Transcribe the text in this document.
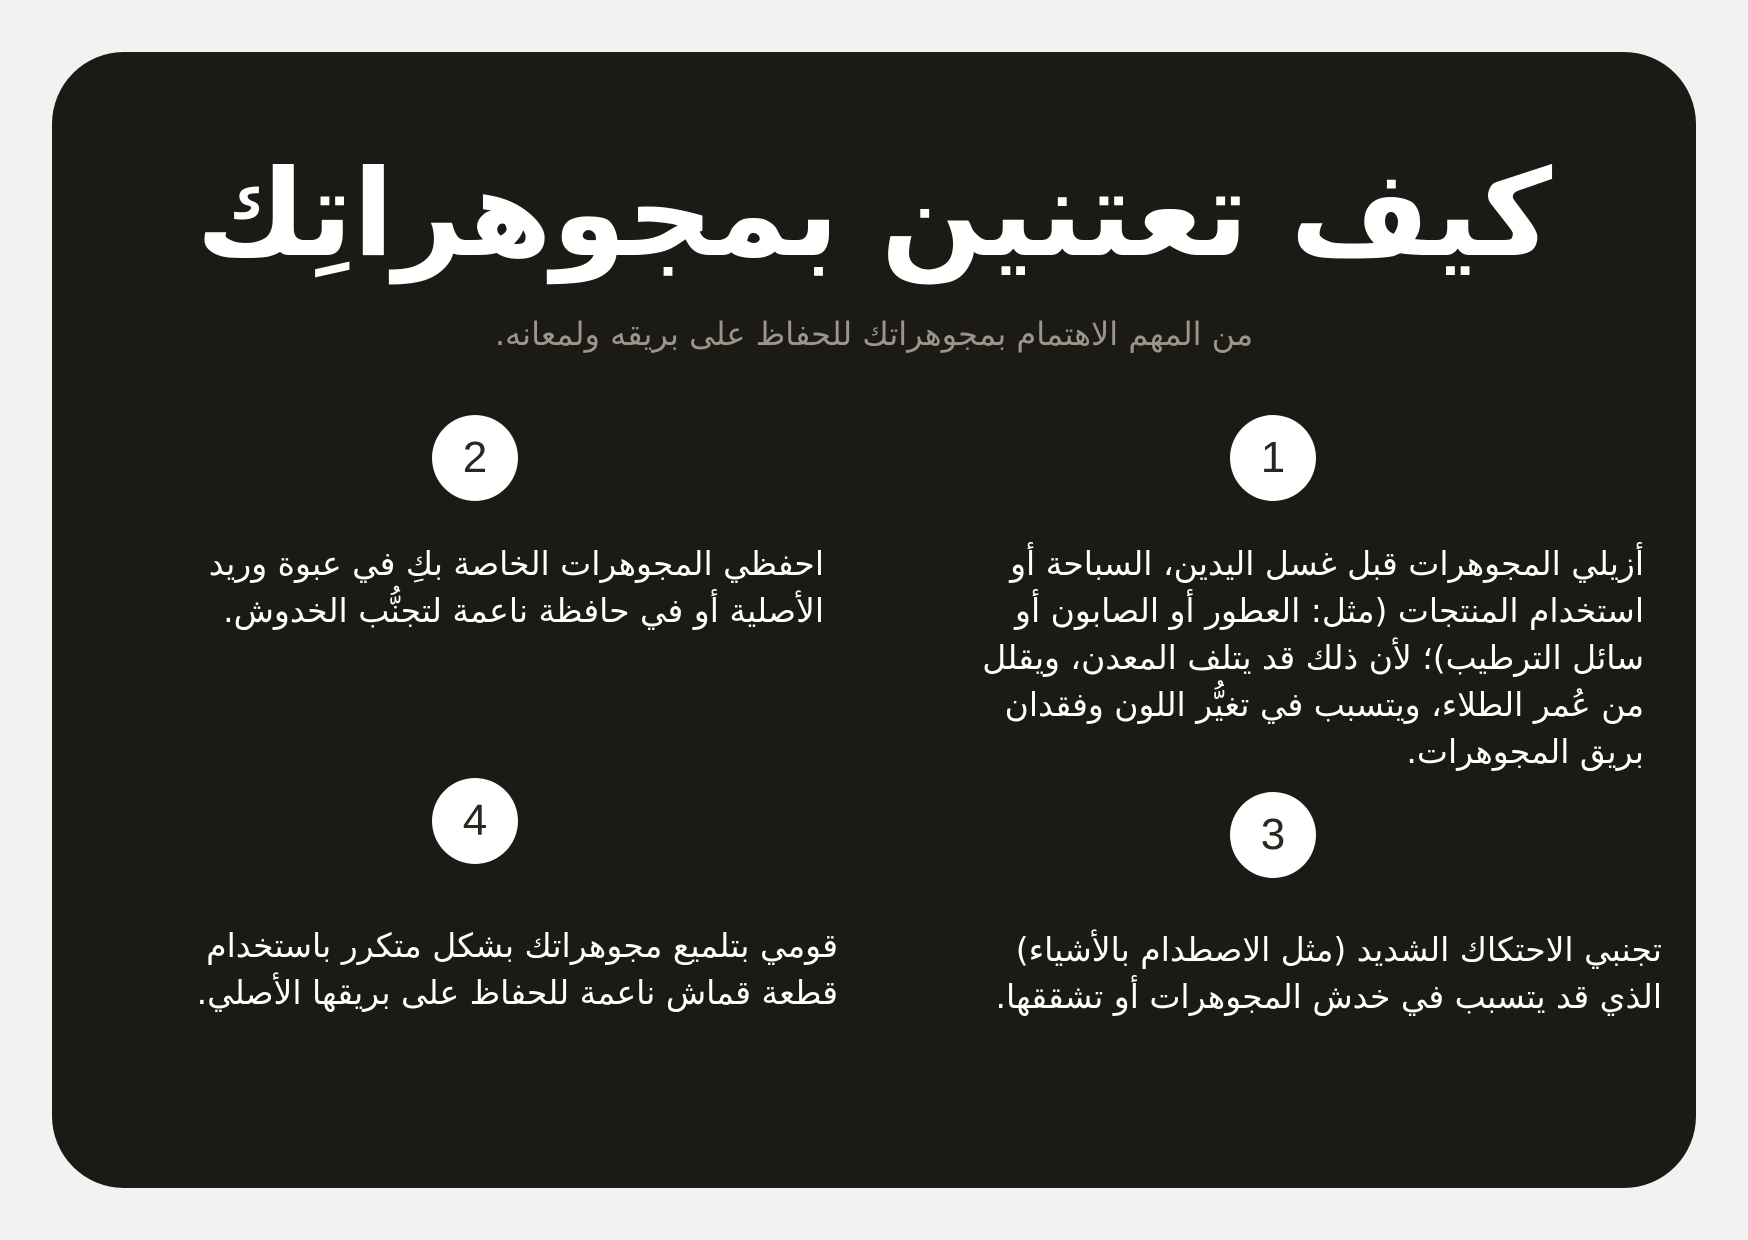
كيف تعتنين بمجوهراتِك
من المهم الاهتمام بمجوهراتك للحفاظ على بريقه ولمعانه.
1
أزيلي المجوهرات قبل غسل اليدين، السباحة أو
استخدام المنتجات (مثل: العطور أو الصابون أو
سائل الترطيب)؛ لأن ذلك قد يتلف المعدن، ويقلل
من عُمر الطلاء، ويتسبب في تغيُّر اللون وفقدان
بريق المجوهرات.
2
احفظي المجوهرات الخاصة بكِ في عبوة وريد
الأصلية أو في حافظة ناعمة لتجنُّب الخدوش.
3
تجنبي الاحتكاك الشديد (مثل الاصطدام بالأشياء)
الذي قد يتسبب في خدش المجوهرات أو تشققها.
4
قومي بتلميع مجوهراتك بشكل متكرر باستخدام
قطعة قماش ناعمة للحفاظ على بريقها الأصلي.
